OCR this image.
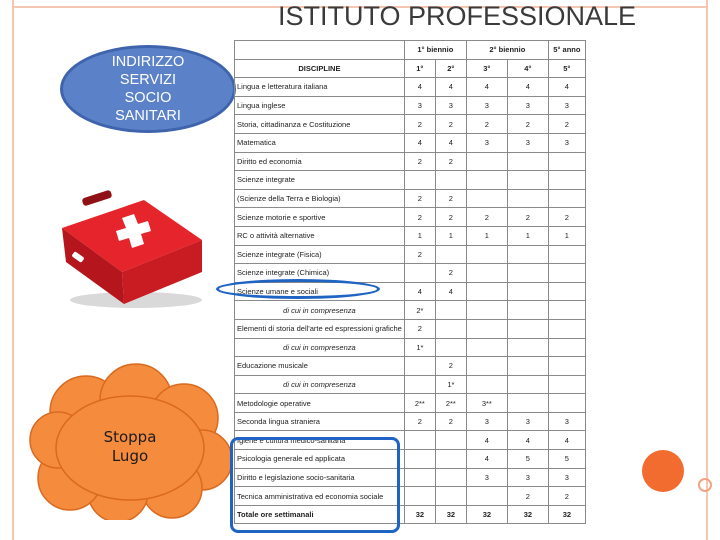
ISTITUTO PROFESSIONALE
INDIRIZZO
SERVIZI
SOCIO
SANITARI
Stoppa
Lugo
	1° biennio		2° biennio		5° anno
DISCIPLINE	1°	2°	3°	4°	5°
Lingua e letteratura italiana	4	4	4	4	4
Lingua inglese	3	3	3	3	3
Storia, cittadinanza e Costituzione	2	2	2	2	2
Matematica	4	4	3	3	3
Diritto ed economia	2	2			
Scienze integrate					
(Scienze della Terra e Biologia)	2	2			
Scienze motorie e sportive	2	2	2	2	2
RC o attività alternative	1	1	1	1	1
Scienze integrate (Fisica)	2				
Scienze integrate (Chimica)		2			
Scienze umane e sociali	4	4			
di cui in compresenza	2*				
Elementi di storia dell'arte ed espressioni grafiche	2				
di cui in compresenza	1*				
Educazione musicale		2			
di cui in compresenza		1*			
Metodologie operative	2**	2**	3**		
Seconda lingua straniera	2	2	3	3	3
Igiene e cultura medico-sanitaria			4	4	4
Psicologia generale ed applicata			4	5	5
Diritto e legislazione socio-sanitaria			3	3	3
Tecnica amministrativa ed economia sociale				2	2
Totale ore settimanali	32	32	32	32	32
